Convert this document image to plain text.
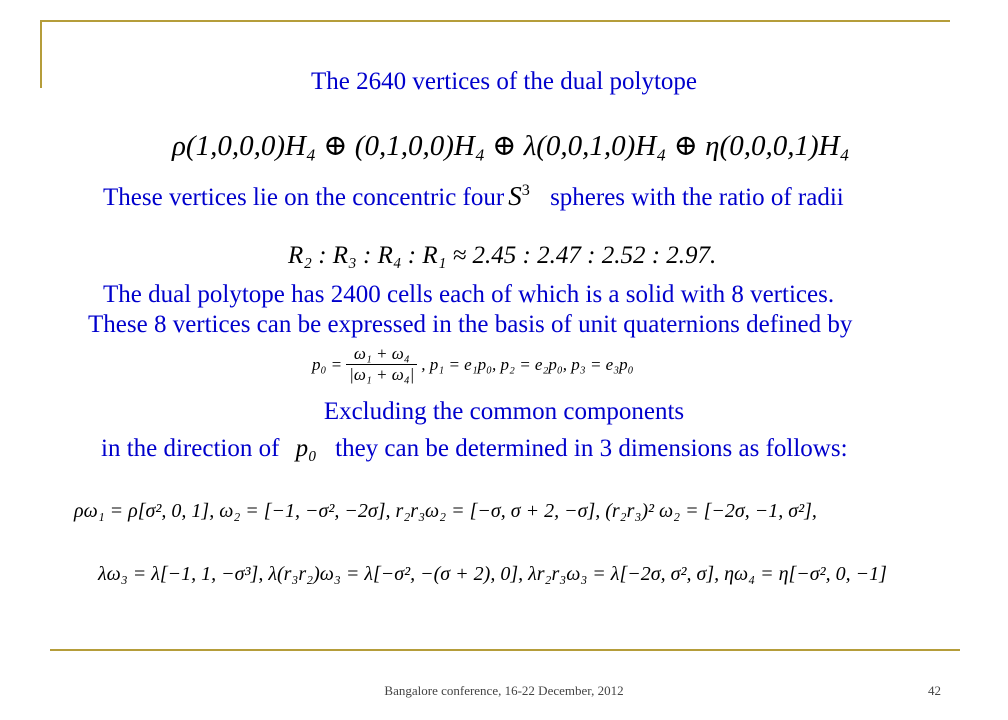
The 2640 vertices of the dual polytope
ρ(1,0,0,0)H₄ ⊕ (0,1,0,0)H₄ ⊕ λ(0,0,1,0)H₄ ⊕ η(0,0,0,1)H₄
These vertices lie on the concentric four $S^3$ spheres with the ratio of radii
R₂ : R₃ : R₄ : R₁ ≈ 2.45 : 2.47 : 2.52 : 2.97.
The dual polytope has 2400 cells each of which is a solid with 8 vertices.
These 8 vertices can be expressed in the basis of unit quaternions defined by
$p_0 = \frac{\text{ω₁ + ω₄}}{\text{|ω₁ + ω₄|}}$ , p₁ = e₁p₀, p₂ = e₂p₀, p₃ = e₃p₀
Excluding the common components
in the direction of p₀ they can be determined in 3 dimensions as follows:
ρω₁ = ρ[σ², 0, 1], ω₂ = [−1, −σ², −2σ], r₂r₃ω₂ = [−σ, σ + 2, −σ], (r₂r₃)² ω₂ = [−2σ, −1, σ²],
λω₃ = λ[−1, 1, −σ³], λ(r₃r₂)ω₃ = λ[−σ², −(σ + 2), 0], λr₂r₃ω₃ = λ[−2σ, σ², σ], ηω₄ = η[−σ², 0, −1]
Bangalore conference, 16-22 December, 2012	42
